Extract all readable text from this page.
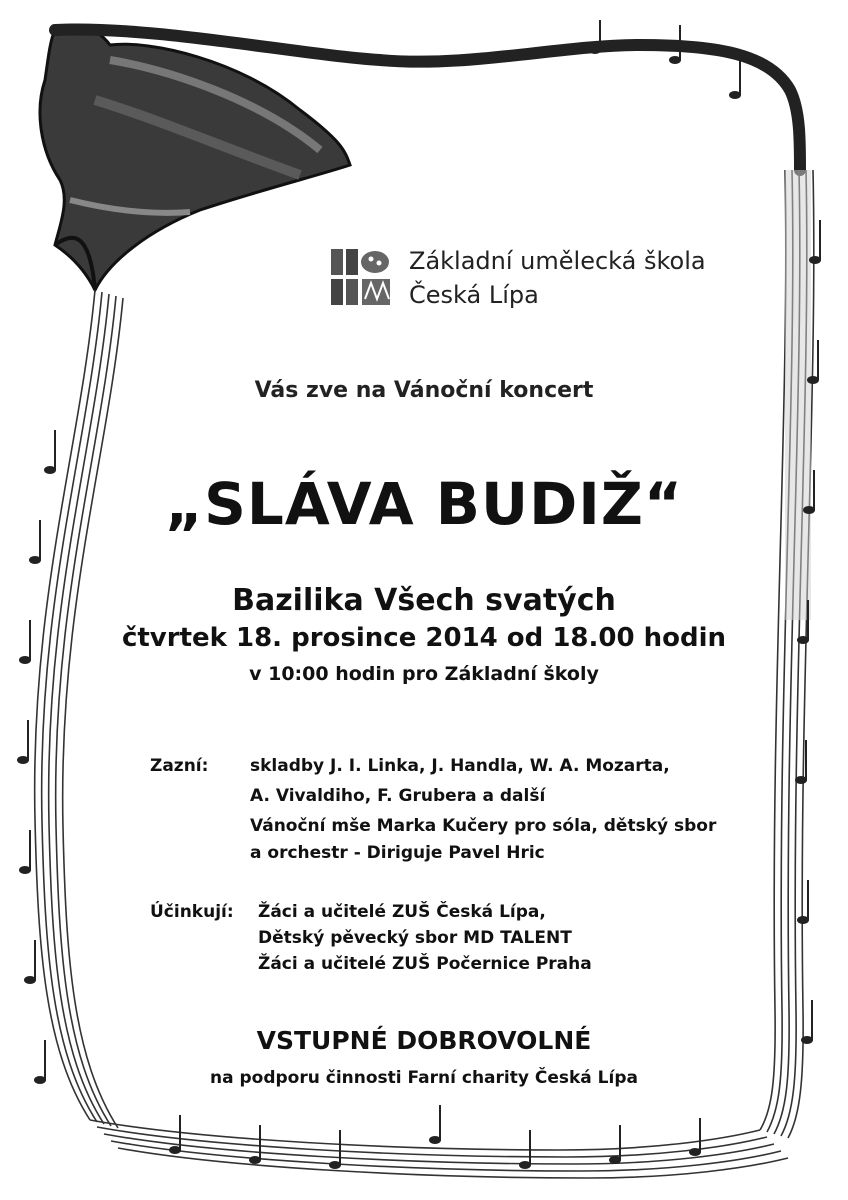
Základní umělecká škola
Česká Lípa
Vás zve na Vánoční koncert
„SLÁVA BUDIŽ“
Bazilika Všech svatých
čtvrtek 18. prosince 2014 od 18.00 hodin
v 10:00 hodin pro Základní školy
Zazní: skladby J. I. Linka, J. Handla, W. A. Mozarta,
A. Vivaldiho, F. Grubera a další
Vánoční mše Marka Kučery pro sóla, dětský sbor
a orchestr - Diriguje Pavel Hric
Účinkují: Žáci a učitelé ZUŠ Česká Lípa,
Dětský pěvecký sbor MD TALENT
Žáci a učitelé ZUŠ Počernice Praha
VSTUPNÉ DOBROVOLNÉ
na podporu činnosti Farní charity Česká Lípa
